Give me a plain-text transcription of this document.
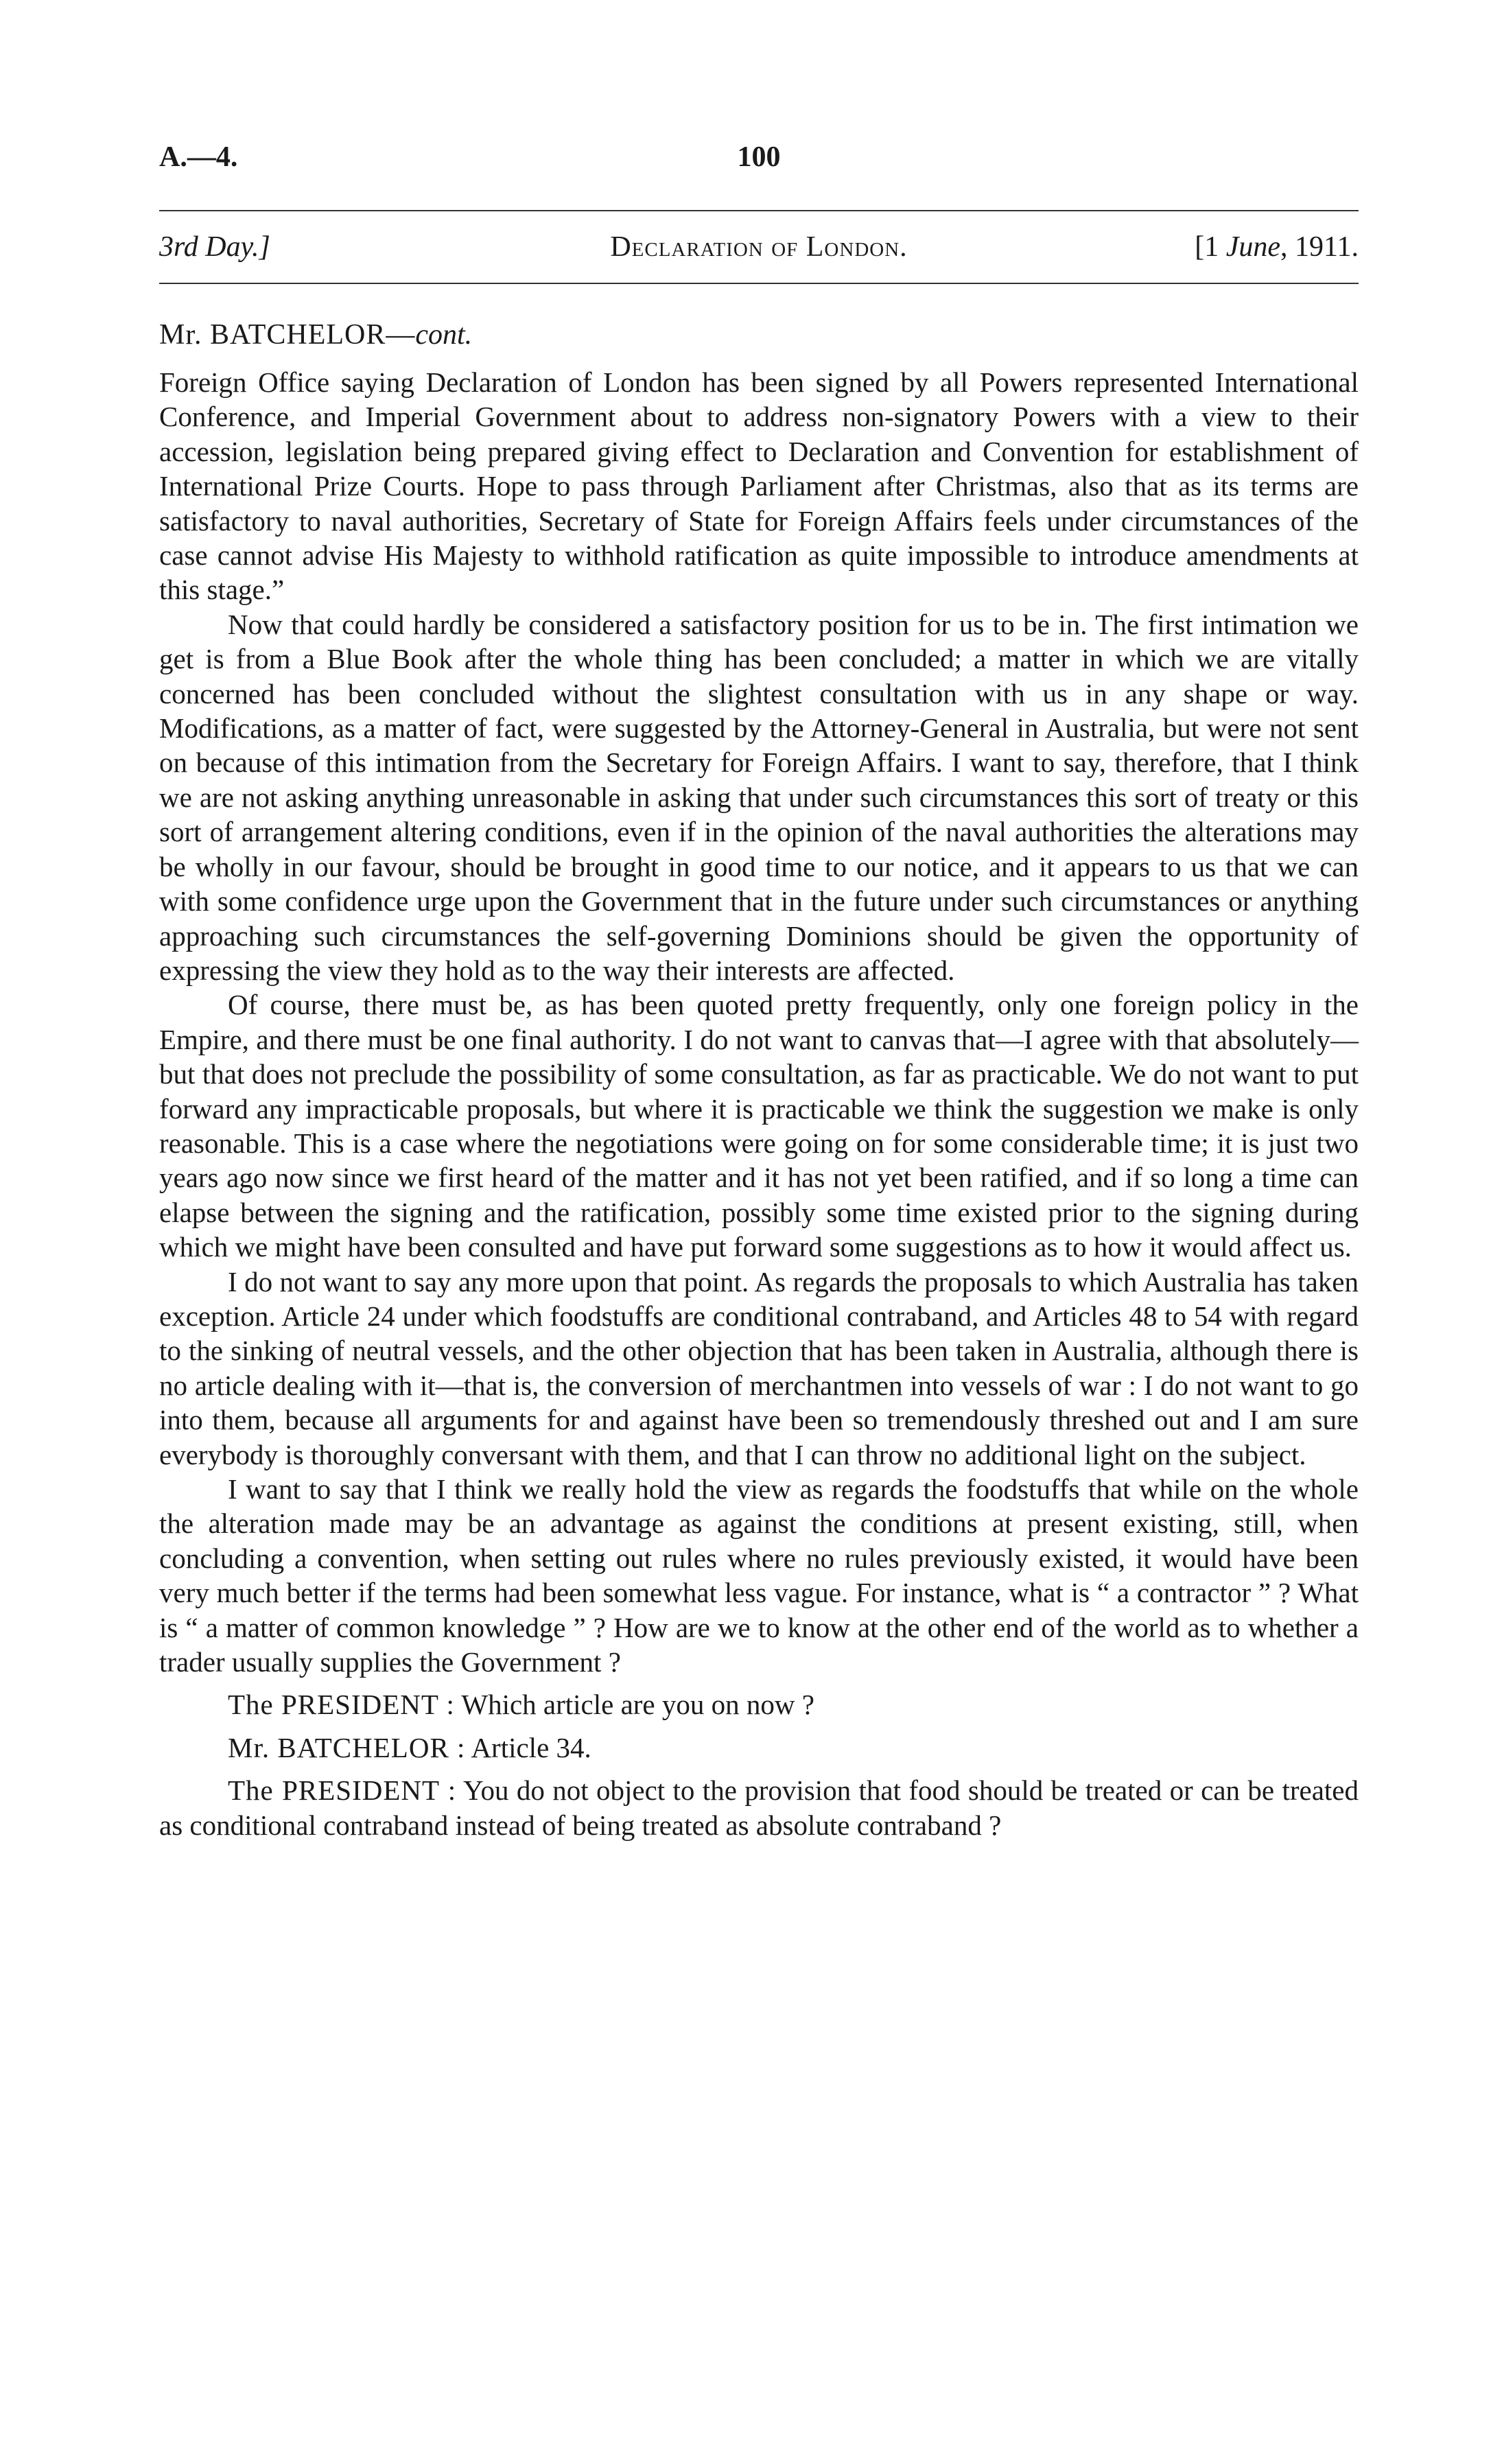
A.—4.	100
3rd Day.]	Declaration of London.	[1 June, 1911.
Mr. BATCHELOR—cont.

Foreign Office saying Declaration of London has been signed by all Powers represented International Conference, and Imperial Government about to address non-signatory Powers with a view to their accession, legislation being prepared giving effect to Declaration and Convention for establishment of International Prize Courts. Hope to pass through Parliament after Christmas, also that as its terms are satisfactory to naval authorities, Secretary of State for Foreign Affairs feels under circumstances of the case cannot advise His Majesty to withhold ratification as quite impossible to introduce amendments at this stage.”

Now that could hardly be considered a satisfactory position for us to be in. The first intimation we get is from a Blue Book after the whole thing has been concluded; a matter in which we are vitally concerned has been concluded without the slightest consultation with us in any shape or way. Modifications, as a matter of fact, were suggested by the Attorney-General in Australia, but were not sent on because of this intimation from the Secretary for Foreign Affairs. I want to say, therefore, that I think we are not asking anything unreasonable in asking that under such circumstances this sort of treaty or this sort of arrangement altering conditions, even if in the opinion of the naval authorities the alterations may be wholly in our favour, should be brought in good time to our notice, and it appears to us that we can with some confidence urge upon the Government that in the future under such circumstances or anything approaching such circumstances the self-governing Dominions should be given the opportunity of expressing the view they hold as to the way their interests are affected.

Of course, there must be, as has been quoted pretty frequently, only one foreign policy in the Empire, and there must be one final authority. I do not want to canvas that—I agree with that absolutely—but that does not preclude the possibility of some consultation, as far as practicable. We do not want to put forward any impracticable proposals, but where it is practicable we think the suggestion we make is only reasonable. This is a case where the negotiations were going on for some considerable time; it is just two years ago now since we first heard of the matter and it has not yet been ratified, and if so long a time can elapse between the signing and the ratification, possibly some time existed prior to the signing during which we might have been consulted and have put forward some suggestions as to how it would affect us.

I do not want to say any more upon that point. As regards the proposals to which Australia has taken exception. Article 24 under which foodstuffs are conditional contraband, and Articles 48 to 54 with regard to the sinking of neutral vessels, and the other objection that has been taken in Australia, although there is no article dealing with it—that is, the conversion of merchantmen into vessels of war : I do not want to go into them, because all arguments for and against have been so tremendously threshed out and I am sure everybody is thoroughly conversant with them, and that I can throw no additional light on the subject.

I want to say that I think we really hold the view as regards the foodstuffs that while on the whole the alteration made may be an advantage as against the conditions at present existing, still, when concluding a convention, when setting out rules where no rules previously existed, it would have been very much better if the terms had been somewhat less vague. For instance, what is “ a contractor ” ? What is “ a matter of common knowledge ” ? How are we to know at the other end of the world as to whether a trader usually supplies the Government ?

The PRESIDENT : Which article are you on now ?

Mr. BATCHELOR : Article 34.

The PRESIDENT : You do not object to the provision that food should be treated or can be treated as conditional contraband instead of being treated as absolute contraband ?
